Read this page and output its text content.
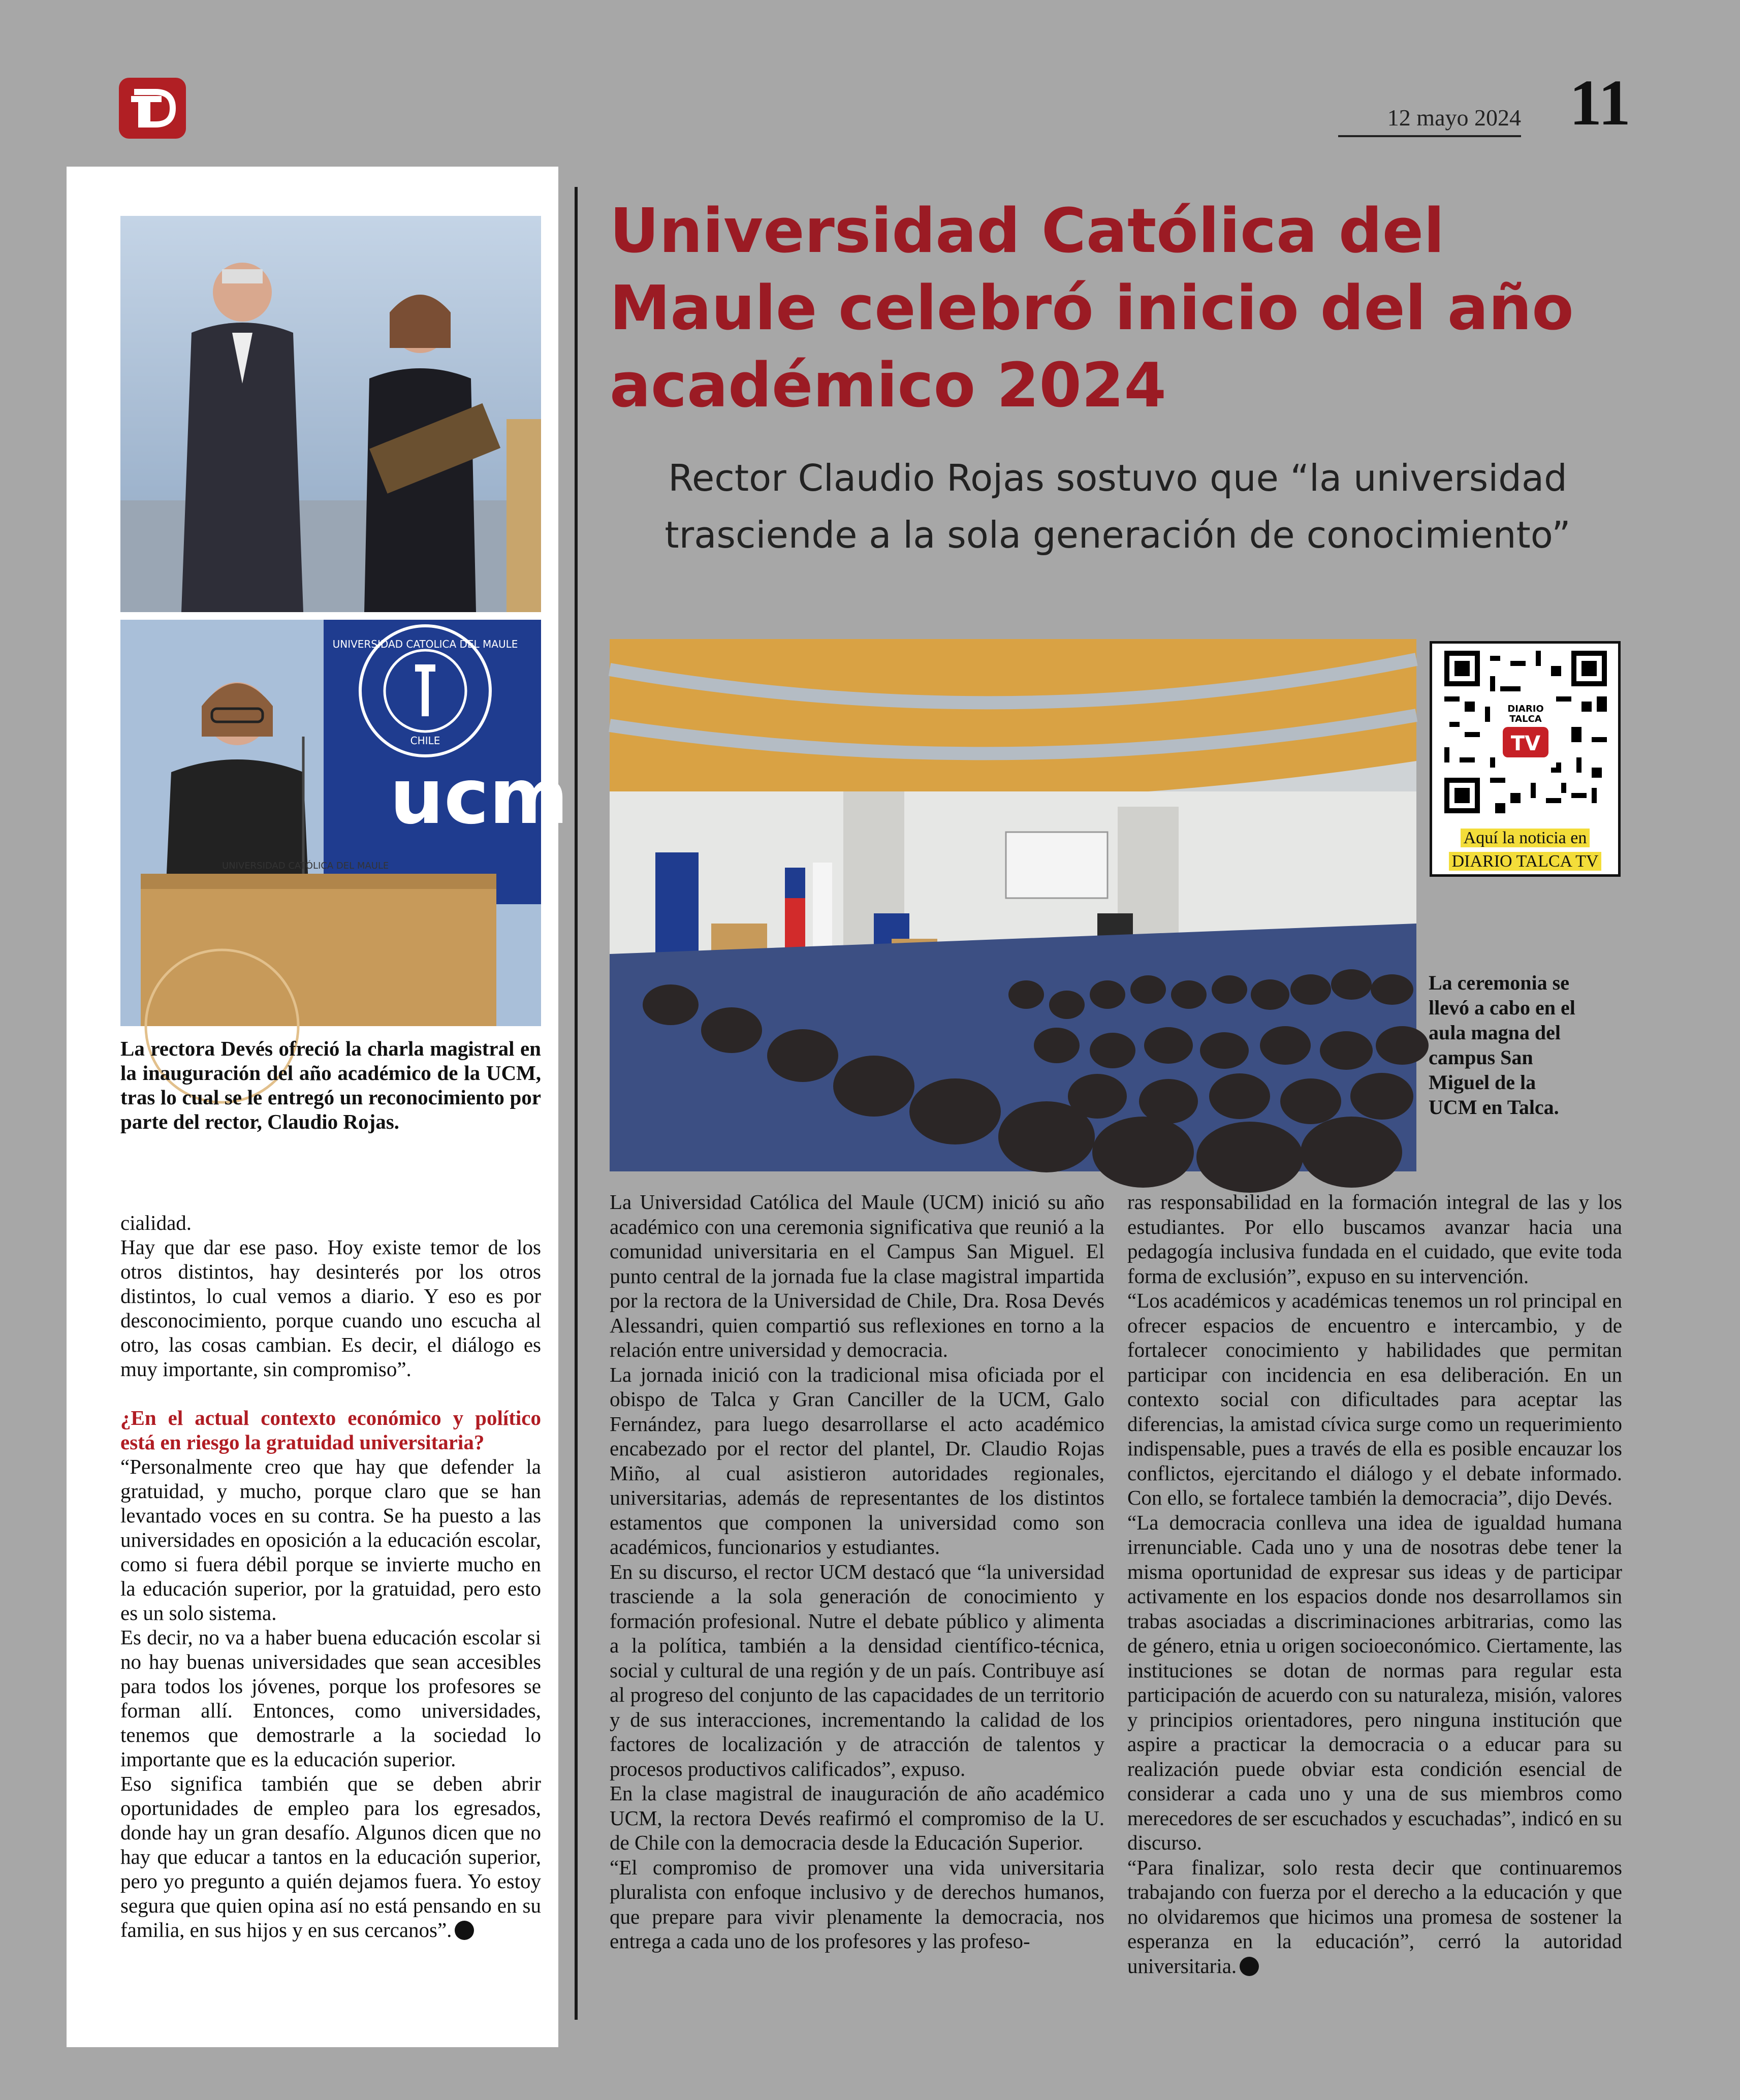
12 mayo 2024 11
UNIVERSIDAD CATOLICA DEL MAULE
CHILE
ucm
UNIVERSIDAD CATÓLICA DEL MAULE
La rectora Devés ofreció la charla magistral en la inauguración del año académico de la UCM, tras lo cual se le entregó un reconocimiento por parte del rector, Claudio Rojas.

cialidad.

Hay que dar ese paso. Hoy existe temor de los otros distintos, hay desinterés por los otros distintos, lo cual vemos a diario. Y eso es por desconocimiento, porque cuando uno escucha al otro, las cosas cambian. Es decir, el diálogo es muy importante, sin compromiso”.

¿En el actual contexto económico y político está en riesgo la gratuidad universitaria?

“Personalmente creo que hay que defender la gratuidad, y mucho, porque claro que se han levantado voces en su contra. Se ha puesto a las universidades en oposición a la educación escolar, como si fuera débil porque se invierte mucho en la educación superior, por la gratuidad, pero esto es un solo sistema.

Es decir, no va a haber buena educación escolar si no hay buenas universidades que sean accesibles para todos los jóvenes, porque los profesores se forman allí. Entonces, como universidades, tenemos que demostrarle a la sociedad lo importante que es la educación superior.

Eso significa también que se deben abrir oportunidades de empleo para los egresados, donde hay un gran desafío. Algunos dicen que no hay que educar a tantos en la educación superior, pero yo pregunto a quién dejamos fuera. Yo estoy segura que quien opina así no está pensando en su familia, en sus hijos y en sus cercanos”.

Universidad Católica del Maule celebró inicio del año académico 2024
Rector Claudio Rojas sostuvo que “la universidad trasciende a la sola generación de conocimiento”
DIARIO
TALCA
TV
Aquí la noticia en
DIARIO TALCA TV
La ceremonia se llevó a cabo en el aula magna del campus San Miguel de la UCM en Talca.

La Universidad Católica del Maule (UCM) inició su año académico con una ceremonia significativa que reunió a la comunidad universitaria en el Campus San Miguel. El punto central de la jornada fue la clase magistral impartida por la rectora de la Universidad de Chile, Dra. Rosa Devés Alessandri, quien compartió sus reflexiones en torno a la relación entre universidad y democracia.

La jornada inició con la tradicional misa oficiada por el obispo de Talca y Gran Canciller de la UCM, Galo Fernández, para luego desarrollarse el acto académico encabezado por el rector del plantel, Dr. Claudio Rojas Miño, al cual asistieron autoridades regionales, universitarias, además de representantes de los distintos estamentos que componen la universidad como son académicos, funcionarios y estudiantes.

En su discurso, el rector UCM destacó que “la universidad trasciende a la sola generación de conocimiento y formación profesional. Nutre el debate público y alimenta a la política, también a la densidad científico-técnica, social y cultural de una región y de un país. Contribuye así al progreso del conjunto de las capacidades de un territorio y de sus interacciones, incrementando la calidad de los factores de localización y de atracción de talentos y procesos productivos calificados”, expuso.

En la clase magistral de inauguración de año académico UCM, la rectora Devés reafirmó el compromiso de la U. de Chile con la democracia desde la Educación Superior.

“El compromiso de promover una vida universitaria pluralista con enfoque inclusivo y de derechos humanos, que prepare para vivir plenamente la democracia, nos entrega a cada uno de los profesores y las profeso-

ras responsabilidad en la formación integral de las y los estudiantes. Por ello buscamos avanzar hacia una pedagogía inclusiva fundada en el cuidado, que evite toda forma de exclusión”, expuso en su intervención.

“Los académicos y académicas tenemos un rol principal en ofrecer espacios de encuentro e intercambio, y de fortalecer conocimiento y habilidades que permitan participar con incidencia en esa deliberación. En un contexto social con dificultades para aceptar las diferencias, la amistad cívica surge como un requerimiento indispensable, pues a través de ella es posible encauzar los conflictos, ejercitando el diálogo y el debate informado. Con ello, se fortalece también la democracia”, dijo Devés.

“La democracia conlleva una idea de igualdad humana irrenunciable. Cada uno y una de nosotras debe tener la misma oportunidad de expresar sus ideas y de participar activamente en los espacios donde nos desarrollamos sin trabas asociadas a discriminaciones arbitrarias, como las de género, etnia u origen socioeconómico. Ciertamente, las instituciones se dotan de normas para regular esta participación de acuerdo con su naturaleza, misión, valores y principios orientadores, pero ninguna institución que aspire a practicar la democracia o a educar para su realización puede obviar esta condición esencial de considerar a cada uno y una de sus miembros como merecedores de ser escuchados y escuchadas”, indicó en su discurso.

“Para finalizar, solo resta decir que continuaremos trabajando con fuerza por el derecho a la educación y que no olvidaremos que hicimos una promesa de sostener la esperanza en la educación”, cerró la autoridad universitaria.
